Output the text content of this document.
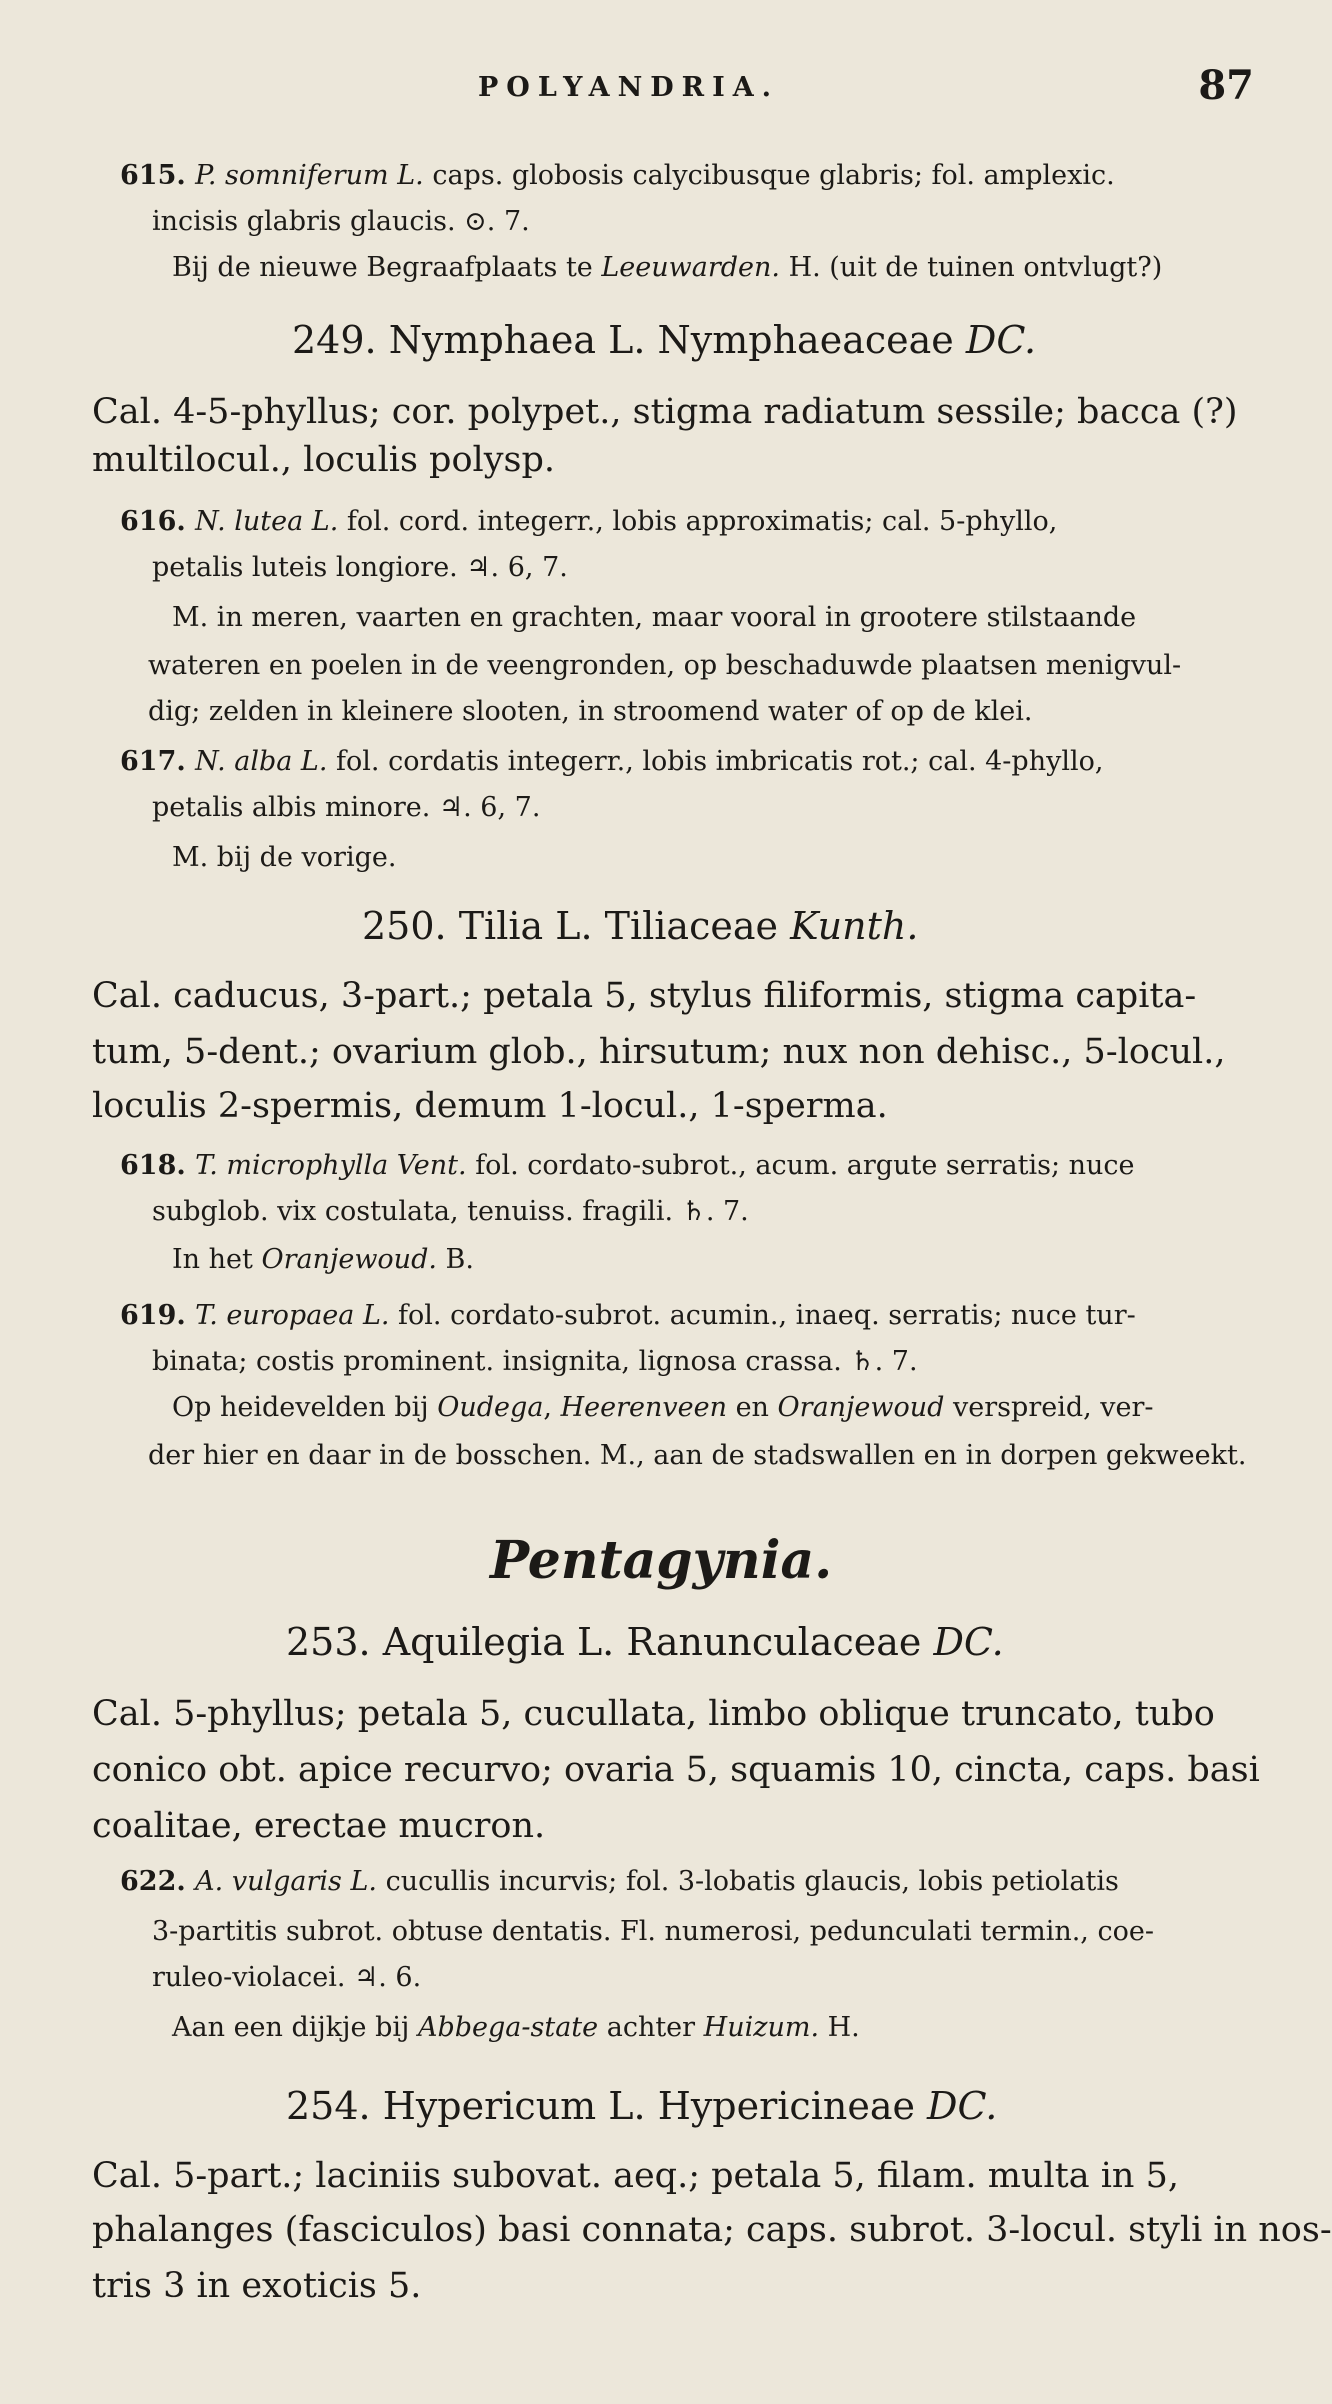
POLYANDRIA.	87
615. P. somniferum L. caps. globosis calycibusque glabris; fol. amplexic.
incisis glabris glaucis. ⊙. 7.
Bij de nieuwe Begraafplaats te Leeuwarden. H. (uit de tuinen ontvlugt?)
249. Nymphaea L. Nymphaeaceae DC.
Cal. 4-5-phyllus; cor. polypet., stigma radiatum sessile; bacca (?)
multilocul., loculis polysp.
616. N. lutea L. fol. cord. integerr., lobis approximatis; cal. 5-phyllo,
petalis luteis longiore. ♃. 6, 7.
M. in meren, vaarten en grachten, maar vooral in grootere stilstaande
wateren en poelen in de veengronden, op beschaduwde plaatsen menigvul-
dig; zelden in kleinere slooten, in stroomend water of op de klei.
617. N. alba L. fol. cordatis integerr., lobis imbricatis rot.; cal. 4-phyllo,
petalis albis minore. ♃. 6, 7.
M. bij de vorige.
250. Tilia L. Tiliaceae Kunth.
Cal. caducus, 3-part.; petala 5, stylus filiformis, stigma capita-
tum, 5-dent.; ovarium glob., hirsutum; nux non dehisc., 5-locul.,
loculis 2-spermis, demum 1-locul., 1-sperma.
618. T. microphylla Vent. fol. cordato-subrot., acum. argute serratis; nuce
subglob. vix costulata, tenuiss. fragili. ♄. 7.
In het Oranjewoud. B.
619. T. europaea L. fol. cordato-subrot. acumin., inaeq. serratis; nuce tur-
binata; costis prominent. insignita, lignosa crassa. ♄. 7.
Op heidevelden bij Oudega, Heerenveen en Oranjewoud verspreid, ver-
der hier en daar in de bosschen. M., aan de stadswallen en in dorpen gekweekt.
Pentagynia.
253. Aquilegia L. Ranunculaceae DC.
Cal. 5-phyllus; petala 5, cucullata, limbo oblique truncato, tubo
conico obt. apice recurvo; ovaria 5, squamis 10, cincta, caps. basi
coalitae, erectae mucron.
622. A. vulgaris L. cucullis incurvis; fol. 3-lobatis glaucis, lobis petiolatis
3-partitis subrot. obtuse dentatis. Fl. numerosi, pedunculati termin., coe-
ruleo-violacei. ♃. 6.
Aan een dijkje bij Abbega-state achter Huizum. H.
254. Hypericum L. Hypericineae DC.
Cal. 5-part.; laciniis subovat. aeq.; petala 5, filam. multa in 5,
phalanges (fasciculos) basi connata; caps. subrot. 3-locul. styli in nos-
tris 3 in exoticis 5.
